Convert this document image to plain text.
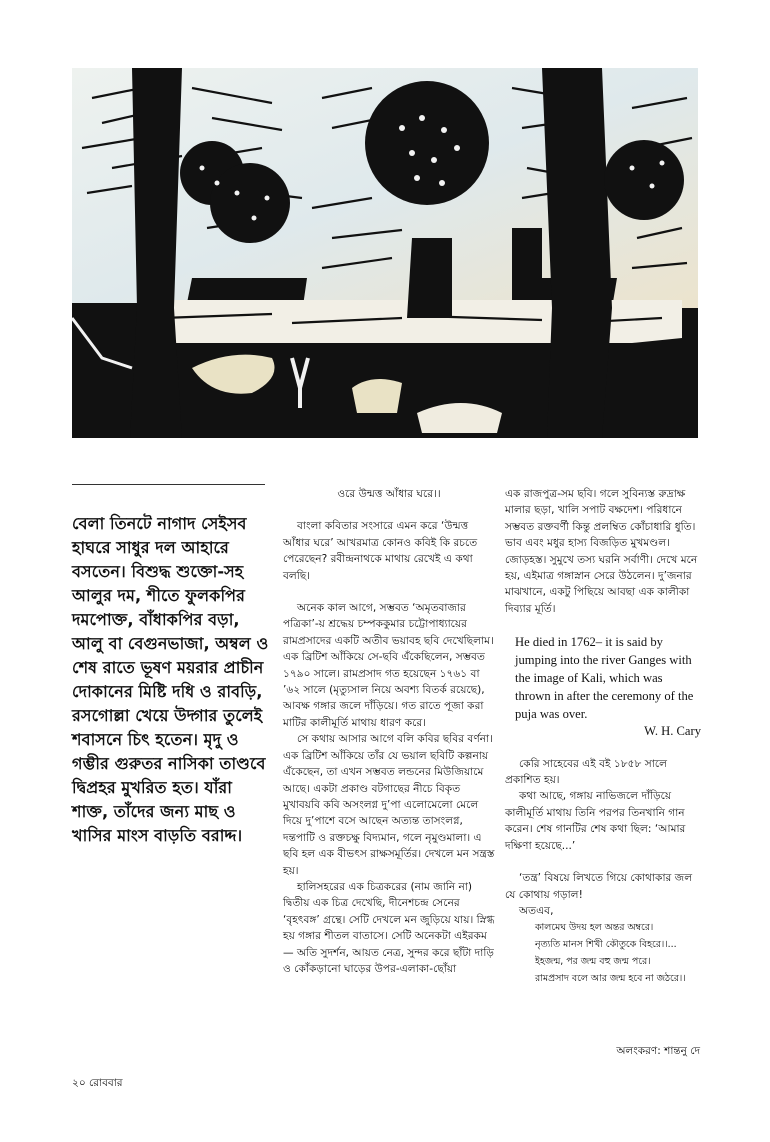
বেলা তিনটে নাগাদ সেইসব হাঘরে সাধুর দল আহারে বসতেন। বিশুদ্ধ শুক্তো-সহ আলুর দম, শীতে ফুলকপির দমপোক্ত, বাঁধাকপির বড়া, আলু বা বেগুনভাজা, অম্বল ও শেষ রাতে ভূষণ ময়রার প্রাচীন দোকানের মিষ্টি দধি ও রাবড়ি, রসগোল্লা খেয়ে উদ্গার তুলেই শবাসনে চিৎ হতেন। মৃদু ও গম্ভীর গুরুতর নাসিকা তাণ্ডবে দ্বিপ্রহর মুখরিত হত। যাঁরা শাক্ত, তাঁদের জন্য মাছ ও খাসির মাংস বাড়তি বরাদ্দ।

ওরে উন্মত্ত আঁধার ঘরে।।

বাংলা কবিতার সংসারে এমন করে ‘উন্মত্ত আঁধার ঘরে’ আখরমাত্র কোনও কবিই কি রচতে পেরেছেন? রবীন্দ্রনাথকে মাথায় রেখেই এ কথা বলছি।

অনেক কাল আগে, সম্ভবত ‘অমৃতবাজার পত্রিকা’-য় শ্রদ্ধেয় চম্পককুমার চট্টোপাধ্যায়ের রামপ্রসাদের একটি অতীব ভয়াবহ ছবি দেখেছিলাম। এক ব্রিটিশ আঁকিয়ে সে-ছবি এঁকেছিলেন, সম্ভবত ১৭৯০ সালে। রামপ্রসাদ গত হয়েছেন ১৭৬১ বা ’৬২ সালে (মৃত্যুসাল নিয়ে অবশ্য বিতর্ক রয়েছে), আবক্ষ গঙ্গার জলে দাঁড়িয়ে। গত রাতে পূজা করা মাটির কালীমূর্তি মাথায় ধারণ করে।

সে কথায় আসার আগে বলি কবির ছবির বর্ণনা। এক ব্রিটিশ আঁকিয়ে তাঁর যে ভয়াল ছবিটি কল্পনায় এঁকেছেন, তা এখন সম্ভবত লন্ডনের মিউজিয়ামে আছে। একটা প্রকাণ্ড বটগাছের নীচে বিকৃত মুখাবয়বি কবি অসংলগ্ন দু’পা এলোমেলো মেলে দিয়ে দু’পাশে বসে আছেন অত্যন্ত তাসংলগ্ন, দন্তপাটি ও রক্তচক্ষু বিদ্যমান, গলে নৃমুণ্ডমালা। এ ছবি হল এক বীভৎস রাক্ষসমূর্তির। দেখলে মন সন্ত্রস্ত হয়।

হালিসহরের এক চিত্রকরের (নাম জানি না) দ্বিতীয় এক চিত্র দেখেছি, দীনেশচন্দ্র সেনের ‘বৃহৎবঙ্গ’ গ্রন্থে। সেটি দেখলে মন জুড়িয়ে যায়। স্নিগ্ধ হয় গঙ্গার শীতল বাতাসে। সেটি অনেকটা এইরকম— অতি সুদর্শন, আয়ত নেত্র, সুন্দর করে ছাঁটা দাড়ি ও কোঁকড়ানো ঘাড়ের উপর-এলাকা-ছোঁয়া

এক রাজপুত্র-সম ছবি। গলে সুবিন্যস্ত রুদ্রাক্ষ মালার ছড়া, খালি সপাট বক্ষদেশ। পরিধানে সম্ভবত রক্তবর্ণী কিন্তু প্রলম্বিত কোঁচাধারি ধুতি। ভাব এবং মধুর হাস্য বিজড়িত মুখমণ্ডল। জোড়হস্ত। সুমুখে তস্য ঘরনি সর্বাণী। দেখে মনে হয়, এইমাত্র গঙ্গাস্নান সেরে উঠলেন। দু’জনার মাঝখানে, একটু পিছিয়ে আবছা এক কালীকা দিব্যার মূর্তি।

He died in 1762– it is said by jumping into the river Ganges with the image of Kali, which was thrown in after the ceremony of the puja was over.

W. H. Cary

কেরি সাহেবের এই বই ১৮৫৮ সালে প্রকাশিত হয়।

কথা আছে, গঙ্গায় নাভিজলে দাঁড়িয়ে কালীমূর্তি মাথায় তিনি পরপর তিনখানি গান করেন। শেষ গানটির শেষ কথা ছিল: ‘আমার দক্ষিণা হয়েছে...’

‘তন্ত্র’ বিষয়ে লিখতে গিয়ে কোথাকার জল যে কোথায় গড়াল!

অতএব,

কালমেঘ উদয় হল অন্তর অম্বরে।

নৃত্যতি মানস শিখী কৌতুকে বিহরে।।...

ইহজন্ম, পর জন্ম বহু জন্ম পরে।

রামপ্রসাদ বলে আর জন্ম হবে না জঠরে।।

অলংকরণ: শান্তনু দে
২০ রোববার
